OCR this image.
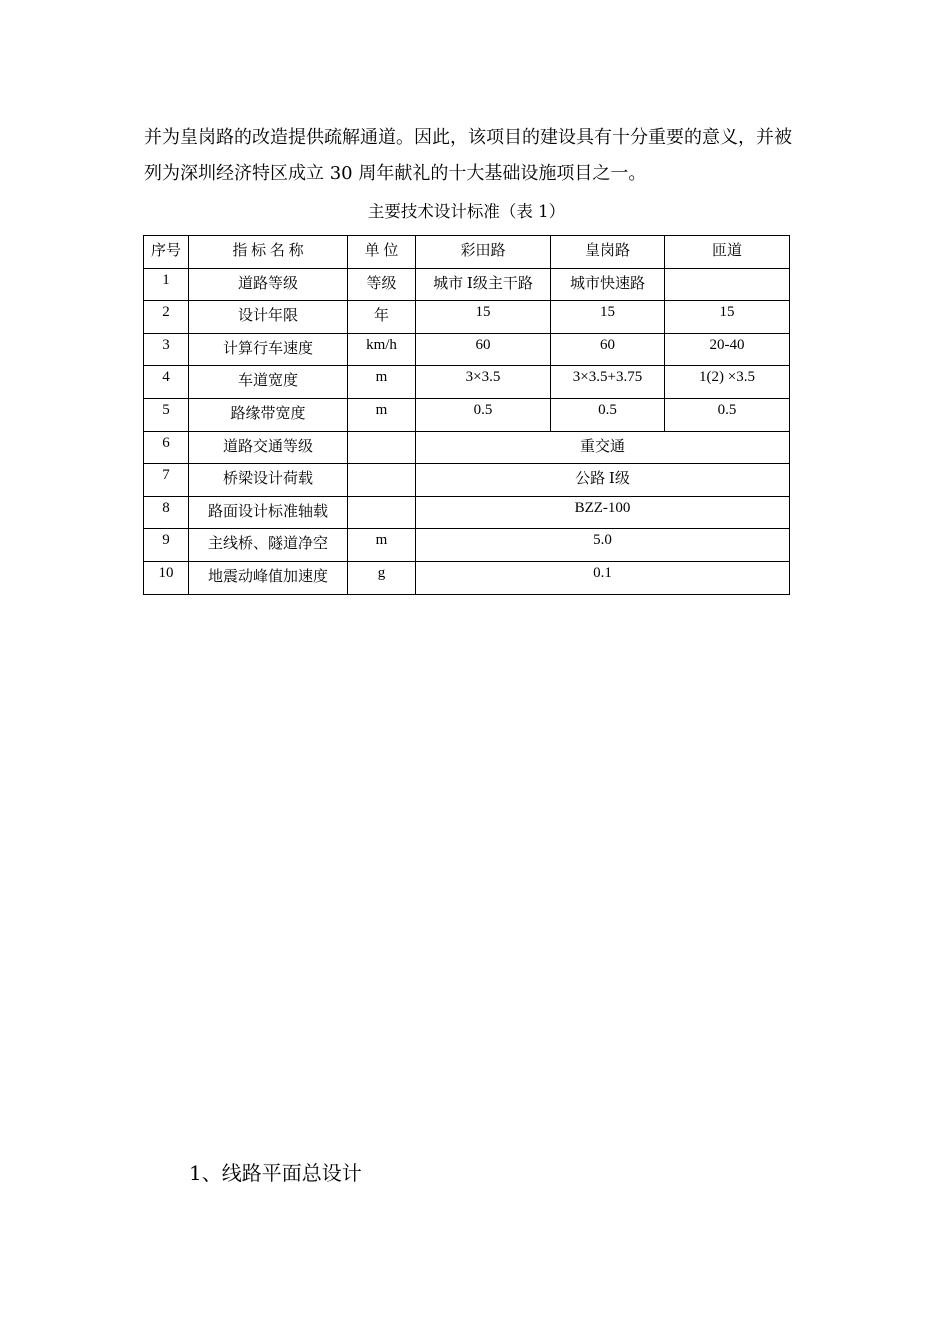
并为皇岗路的改造提供疏解通道。因此，该项目的建设具有十分重要的意义，并被
列为深圳经济特区成立 30 周年献礼的十大基础设施项目之一。
主要技术设计标准（表 1）
序号	指 标 名 称	单 位	彩田路	皇岗路	匝道
1	道路等级	等级	城市 Ⅰ级主干路	城市快速路	
2	设计年限	年	15	15	15
3	计算行车速度	km/h	60	60	20-40
4	车道宽度	m	3×3.5	3×3.5+3.75	1(2) ×3.5
5	路缘带宽度	m	0.5	0.5	0.5
6	道路交通等级		重交通		
7	桥梁设计荷载		公路 Ⅰ级		
8	路面设计标准轴载		BZZ-100		
9	主线桥、隧道净空	m	5.0		
10	地震动峰值加速度	g	0.1		
1、线路平面总设计
